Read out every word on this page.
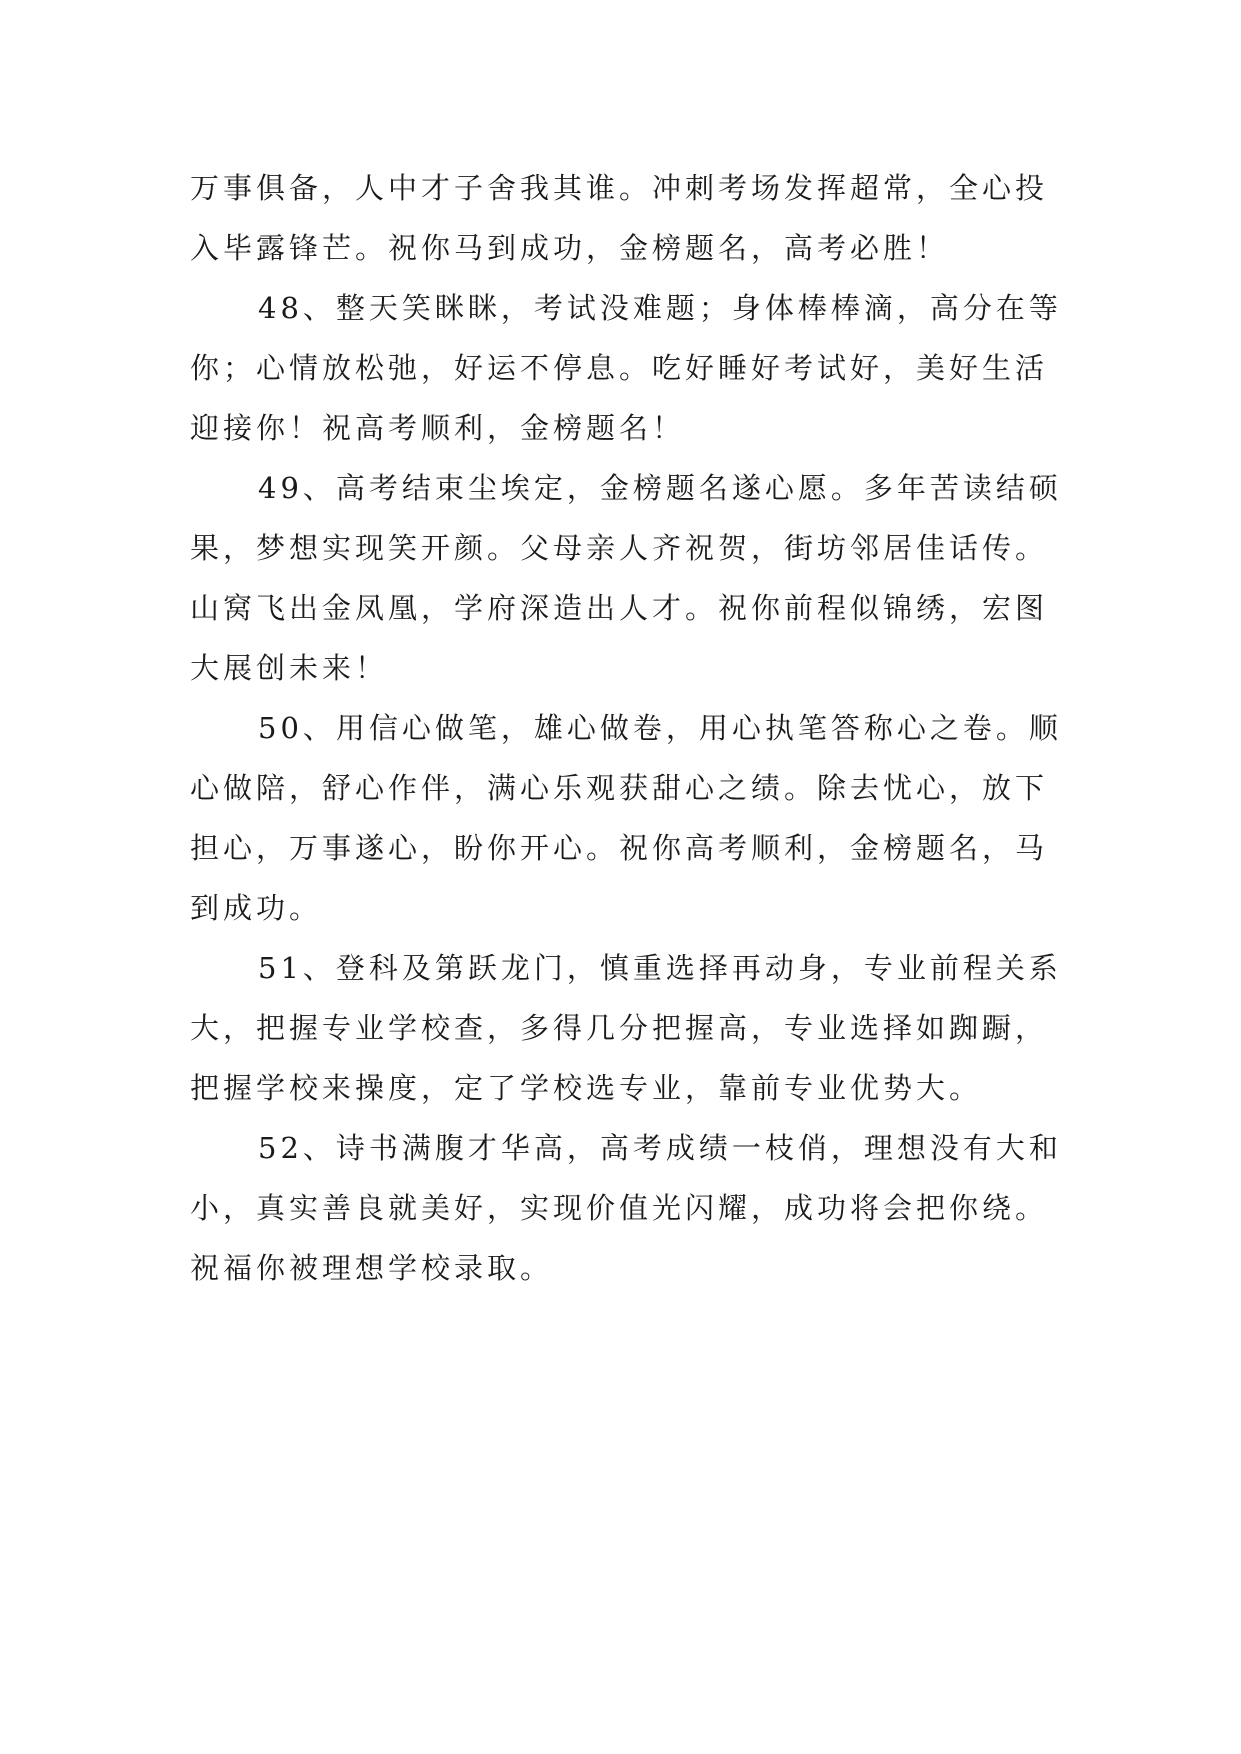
万事俱备，人中才子舍我其谁。冲刺考场发挥超常，全心投
入毕露锋芒。祝你马到成功，金榜题名，高考必胜！
48、整天笑眯眯，考试没难题；身体棒棒滴，高分在等
你；心情放松弛，好运不停息。吃好睡好考试好，美好生活
迎接你！祝高考顺利，金榜题名！
49、高考结束尘埃定，金榜题名遂心愿。多年苦读结硕
果，梦想实现笑开颜。父母亲人齐祝贺，街坊邻居佳话传。
山窝飞出金凤凰，学府深造出人才。祝你前程似锦绣，宏图
大展创未来！
50、用信心做笔，雄心做卷，用心执笔答称心之卷。顺
心做陪，舒心作伴，满心乐观获甜心之绩。除去忧心，放下
担心，万事遂心，盼你开心。祝你高考顺利，金榜题名，马
到成功。
51、登科及第跃龙门，慎重选择再动身，专业前程关系
大，把握专业学校查，多得几分把握高，专业选择如踟蹰，
把握学校来操度，定了学校选专业，靠前专业优势大。
52、诗书满腹才华高，高考成绩一枝俏，理想没有大和
小，真实善良就美好，实现价值光闪耀，成功将会把你绕。
祝福你被理想学校录取。
